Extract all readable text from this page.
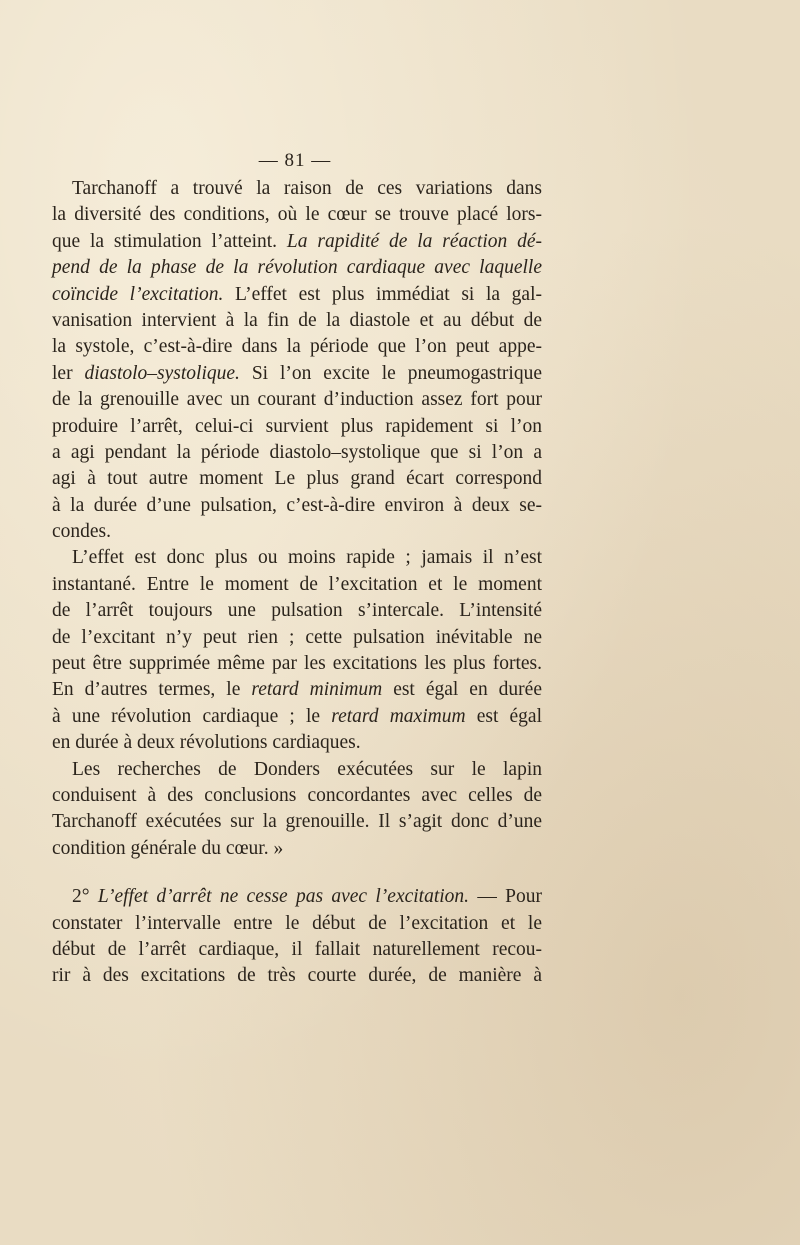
— 81 —
Tarchanoff a trouvé la raison de ces variations dans
la diversité des conditions, où le cœur se trouve placé lors-
que la stimulation l’atteint. La rapidité de la réaction dé-
pend de la phase de la révolution cardiaque avec laquelle
coïncide l’excitation. L’effet est plus immédiat si la gal-
vanisation intervient à la fin de la diastole et au début de
la systole, c’est-à-dire dans la période que l’on peut appe-
ler diastolo–systolique. Si l’on excite le pneumogastrique
de la grenouille avec un courant d’induction assez fort pour
produire l’arrêt, celui-ci survient plus rapidement si l’on
a agi pendant la période diastolo–systolique que si l’on a
agi à tout autre moment Le plus grand écart correspond
à la durée d’une pulsation, c’est-à-dire environ à deux se-
condes.
L’effet est donc plus ou moins rapide ; jamais il n’est
instantané. Entre le moment de l’excitation et le moment
de l’arrêt toujours une pulsation s’intercale. L’intensité
de l’excitant n’y peut rien ; cette pulsation inévitable ne
peut être supprimée même par les excitations les plus fortes.
En d’autres termes, le retard minimum est égal en durée
à une révolution cardiaque ; le retard maximum est égal
en durée à deux révolutions cardiaques.
Les recherches de Donders exécutées sur le lapin
conduisent à des conclusions concordantes avec celles de
Tarchanoff exécutées sur la grenouille. Il s’agit donc d’une
condition générale du cœur. »
2° L’effet d’arrêt ne cesse pas avec l’excitation. — Pour
constater l’intervalle entre le début de l’excitation et le
début de l’arrêt cardiaque, il fallait naturellement recou-
rir à des excitations de très courte durée, de manière à
